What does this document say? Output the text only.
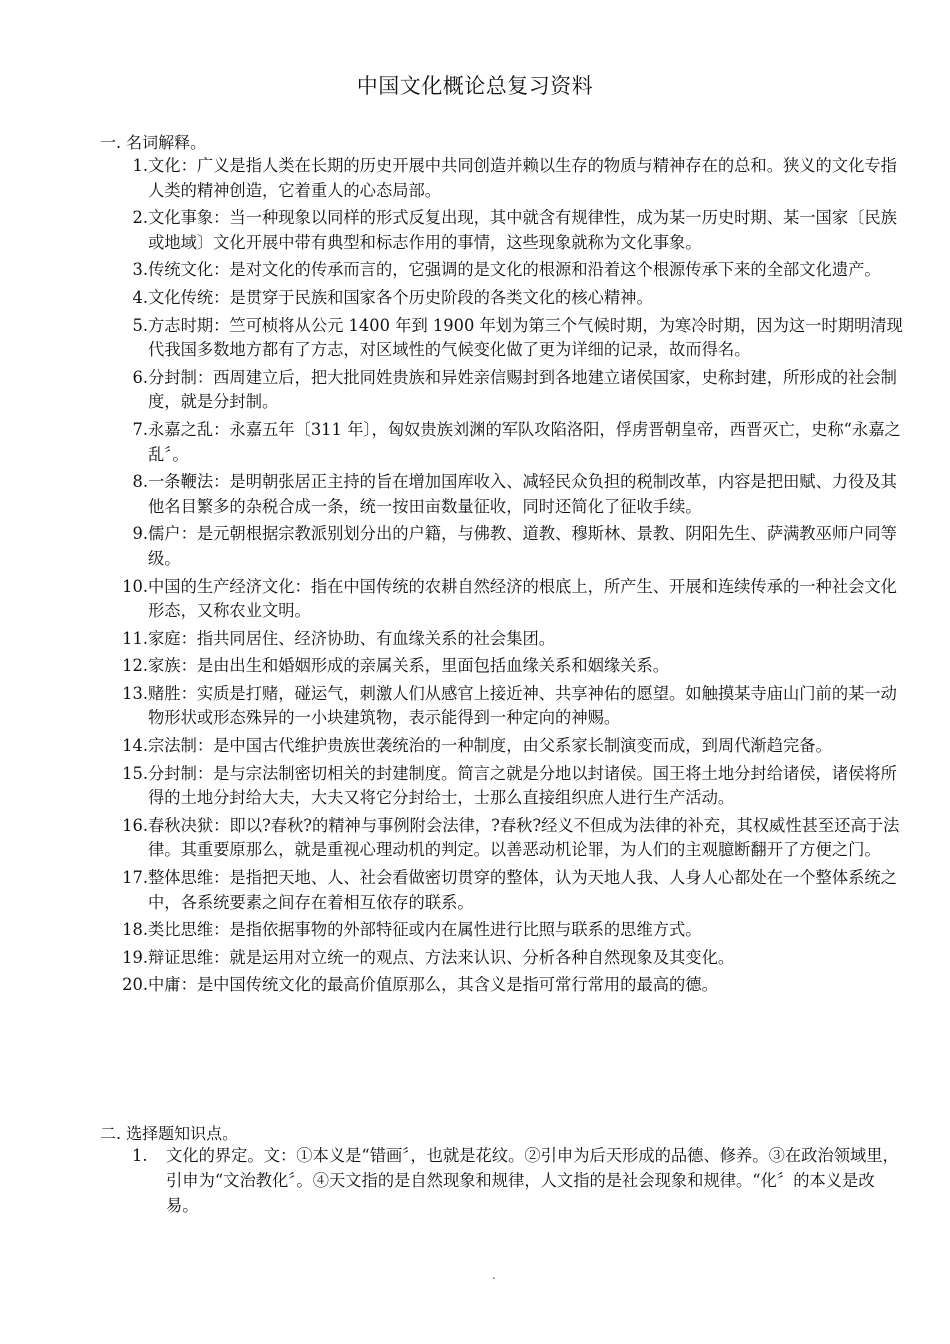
中国文化概论总复习资料
一. 名词解释。
1 . 文化：广义是指人类在长期的历史开展中共同创造并赖以生存的物质与精神存在的总和。狭义的文化专指人类的精神创造，它着重人的心态局部。
2 . 文化事象：当一种现象以同样的形式反复出现，其中就含有规律性，成为某一历史时期、某一国家〔民族或地域〕文化开展中带有典型和标志作用的事情，这些现象就称为文化事象。
3 . 传统文化：是对文化的传承而言的，它强调的是文化的根源和沿着这个根源传承下来的全部文化遗产。
4 . 文化传统：是贯穿于民族和国家各个历史阶段的各类文化的核心精神。
5 . 方志时期：竺可桢将从公元 1400 年到 1900 年划为第三个气候时期，为寒冷时期，因为这一时期明清现代我国多数地方都有了方志，对区域性的气候变化做了更为详细的记录，故而得名。
6 . 分封制：西周建立后，把大批同姓贵族和异姓亲信赐封到各地建立诸侯国家，史称封建，所形成的社会制度，就是分封制。
7 . 永嘉之乱：永嘉五年〔311 年〕，匈奴贵族刘渊的军队攻陷洛阳，俘虏晋朝皇帝，西晋灭亡，史称“永嘉之乱〞。
8 . 一条鞭法：是明朝张居正主持的旨在增加国库收入、减轻民众负担的税制改革，内容是把田赋、力役及其他名目繁多的杂税合成一条，统一按田亩数量征收，同时还简化了征收手续。
9 . 儒户：是元朝根据宗教派别划分出的户籍，与佛教、道教、穆斯林、景教、阴阳先生、萨满教巫师户同等级。
10 . 中国的生产经济文化：指在中国传统的农耕自然经济的根底上，所产生、开展和连续传承的一种社会文化形态，又称农业文明。
11 . 家庭：指共同居住、经济协助、有血缘关系的社会集团。
12 . 家族：是由出生和婚姻形成的亲属关系，里面包括血缘关系和姻缘关系。
13 . 赌胜：实质是打赌，碰运气，刺激人们从感官上接近神、共享神佑的愿望。如触摸某寺庙山门前的某一动物形状或形态殊异的一小块建筑物，表示能得到一种定向的神赐。
14 . 宗法制：是中国古代维护贵族世袭统治的一种制度，由父系家长制演变而成，到周代渐趋完备。
15 . 分封制：是与宗法制密切相关的封建制度。简言之就是分地以封诸侯。国王将土地分封给诸侯，诸侯将所得的土地分封给大夫，大夫又将它分封给士，士那么直接组织庶人进行生产活动。
16 . 春秋决狱：即以?春秋?的精神与事例附会法律，?春秋?经义不但成为法律的补充，其权威性甚至还高于法律。其重要原那么，就是重视心理动机的判定。以善恶动机论罪，为人们的主观臆断翻开了方便之门。
17 . 整体思维：是指把天地、人、社会看做密切贯穿的整体，认为天地人我、人身人心都处在一个整体系统之中，各系统要素之间存在着相互依存的联系。
18 . 类比思维：是指依据事物的外部特征或内在属性进行比照与联系的思维方式。
19 . 辩证思维：就是运用对立统一的观点、方法来认识、分析各种自然现象及其变化。
20 . 中庸：是中国传统文化的最高价值原那么，其含义是指可常行常用的最高的德。
二. 选择题知识点。
1 .	文化的界定。文：①本义是“错画〞，也就是花纹。②引申为后天形成的品德、修养。③在政治领域里，引申为“文治教化〞。④天文指的是自然现象和规律，人文指的是社会现象和规律。“化〞的本义是改易。
.
